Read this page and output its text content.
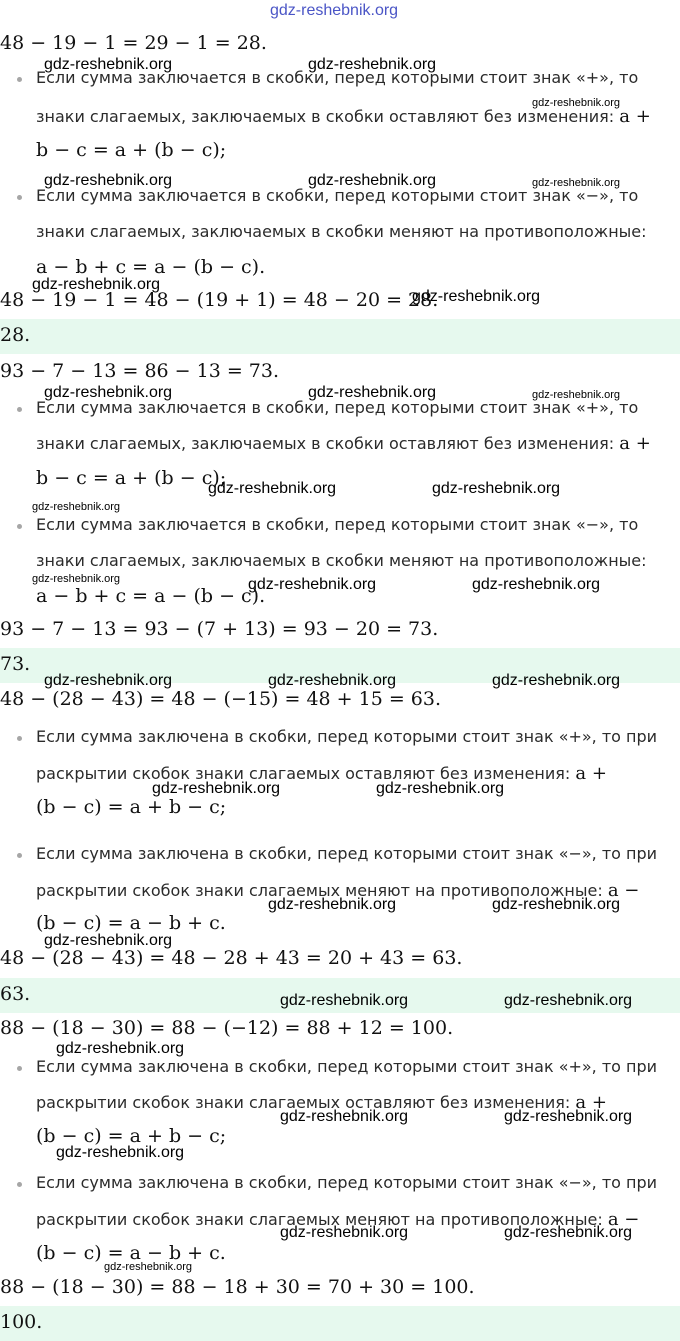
gdz-reshebnik.org
48 − 19 − 1 = 29 − 1 = 28.
Если сумма заключается в скобки, перед которыми стоит знак «+», то
знаки слагаемых, заключаемых в скобки оставляют без изменения: a +
b − c = a + (b − c);
Если сумма заключается в скобки, перед которыми стоит знак «−», то
знаки слагаемых, заключаемых в скобки меняют на противоположные:
a − b + c = a − (b − c).
48 − 19 − 1 = 48 − (19 + 1) = 48 − 20 = 28.
28.
93 − 7 − 13 = 86 − 13 = 73.
Если сумма заключается в скобки, перед которыми стоит знак «+», то
знаки слагаемых, заключаемых в скобки оставляют без изменения: a +
b − c = a + (b − c);
Если сумма заключается в скобки, перед которыми стоит знак «−», то
знаки слагаемых, заключаемых в скобки меняют на противоположные:
a − b + c = a − (b − c).
93 − 7 − 13 = 93 − (7 + 13) = 93 − 20 = 73.
73.
48 − (28 − 43) = 48 − (−15) = 48 + 15 = 63.
Если сумма заключена в скобки, перед которыми стоит знак «+», то при
раскрытии скобок знаки слагаемых оставляют без изменения: a +
(b − c) = a + b − c;
Если сумма заключена в скобки, перед которыми стоит знак «−», то при
раскрытии скобок знаки слагаемых меняют на противоположные: a −
(b − c) = a − b + c.
48 − (28 − 43) = 48 − 28 + 43 = 20 + 43 = 63.
63.
88 − (18 − 30) = 88 − (−12) = 88 + 12 = 100.
Если сумма заключена в скобки, перед которыми стоит знак «+», то при
раскрытии скобок знаки слагаемых оставляют без изменения: a +
(b − c) = a + b − c;
Если сумма заключена в скобки, перед которыми стоит знак «−», то при
раскрытии скобок знаки слагаемых меняют на противоположные: a −
(b − c) = a − b + c.
88 − (18 − 30) = 88 − 18 + 30 = 70 + 30 = 100.
100.
gdz-reshebnik.org	gdz-reshebnik.org
gdz-reshebnik.org
gdz-reshebnik.org	gdz-reshebnik.org	gdz-reshebnik.org
gdz-reshebnik.org
gdz-reshebnik.org
gdz-reshebnik.org	gdz-reshebnik.org	gdz-reshebnik.org
gdz-reshebnik.org	gdz-reshebnik.org
gdz-reshebnik.org
gdz-reshebnik.org	gdz-reshebnik.org	gdz-reshebnik.org
gdz-reshebnik.org	gdz-reshebnik.org	gdz-reshebnik.org
gdz-reshebnik.org	gdz-reshebnik.org
gdz-reshebnik.org	gdz-reshebnik.org
gdz-reshebnik.org
gdz-reshebnik.org	gdz-reshebnik.org
gdz-reshebnik.org
gdz-reshebnik.org	gdz-reshebnik.org
gdz-reshebnik.org
gdz-reshebnik.org	gdz-reshebnik.org
gdz-reshebnik.org
